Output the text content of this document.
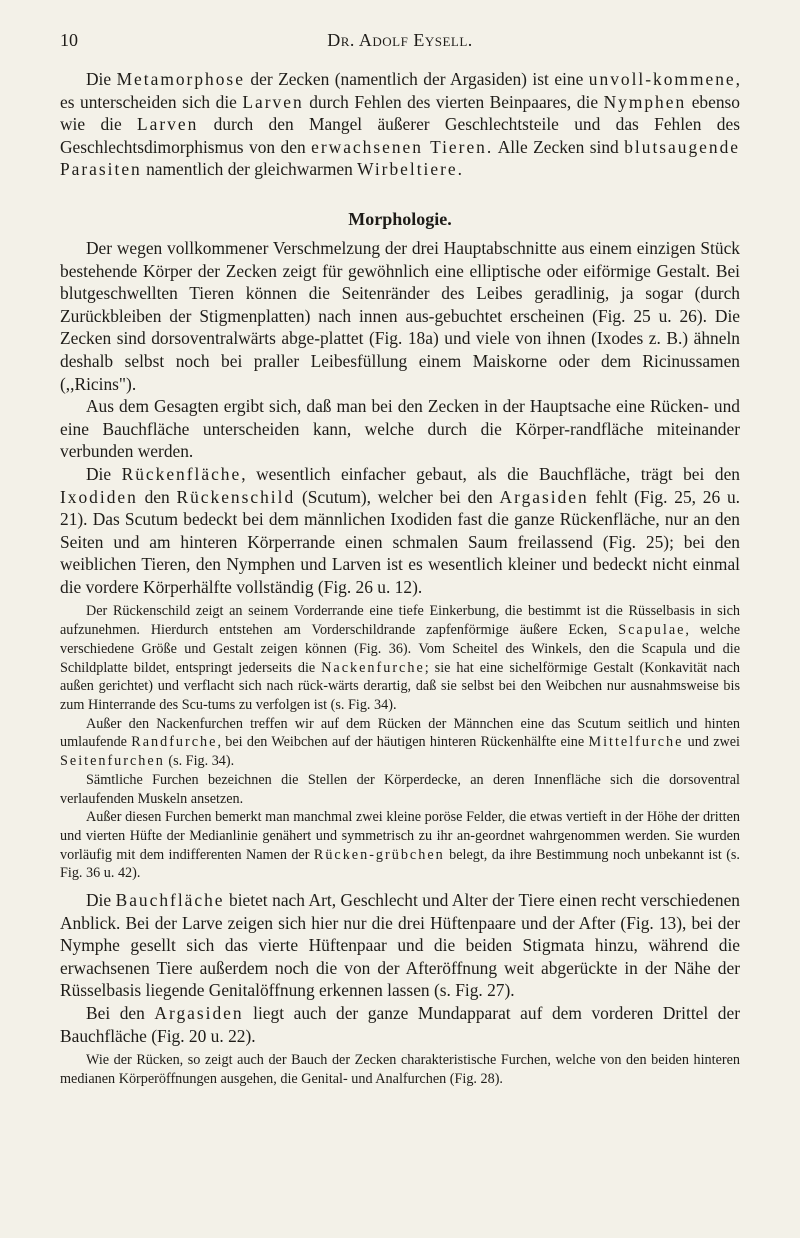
10	Dr. Adolf Eysell.

Die Metamorphose der Zecken (namentlich der Argasiden) ist eine unvoll-kommene, es unterscheiden sich die Larven durch Fehlen des vierten Beinpaares, die Nymphen ebenso wie die Larven durch den Mangel äußerer Geschlechtsteile und das Fehlen des Geschlechtsdimorphismus von den erwachsenen Tieren. Alle Zecken sind blutsaugende Parasiten namentlich der gleichwarmen Wirbeltiere.

Morphologie.

Der wegen vollkommener Verschmelzung der drei Hauptabschnitte aus einem einzigen Stück bestehende Körper der Zecken zeigt für gewöhnlich eine elliptische oder eiförmige Gestalt. Bei blutgeschwellten Tieren können die Seitenränder des Leibes geradlinig, ja sogar (durch Zurückbleiben der Stigmenplatten) nach innen aus-gebuchtet erscheinen (Fig. 25 u. 26). Die Zecken sind dorsoventralwärts abge-plattet (Fig. 18a) und viele von ihnen (Ixodes z. B.) ähneln deshalb selbst noch bei praller Leibesfüllung einem Maiskorne oder dem Ricinussamen (,,Ricins").

Aus dem Gesagten ergibt sich, daß man bei den Zecken in der Hauptsache eine Rücken- und eine Bauchfläche unterscheiden kann, welche durch die Körper-randfläche miteinander verbunden werden.

Die Rückenfläche, wesentlich einfacher gebaut, als die Bauchfläche, trägt bei den Ixodiden den Rückenschild (Scutum), welcher bei den Argasiden fehlt (Fig. 25, 26 u. 21). Das Scutum bedeckt bei dem männlichen Ixodiden fast die ganze Rückenfläche, nur an den Seiten und am hinteren Körperrande einen schmalen Saum freilassend (Fig. 25); bei den weiblichen Tieren, den Nymphen und Larven ist es wesentlich kleiner und bedeckt nicht einmal die vordere Körperhälfte vollständig (Fig. 26 u. 12).

Der Rückenschild zeigt an seinem Vorderrande eine tiefe Einkerbung, die bestimmt ist die Rüsselbasis in sich aufzunehmen. Hierdurch entstehen am Vorderschildrande zapfenförmige äußere Ecken, Scapulae, welche verschiedene Größe und Gestalt zeigen können (Fig. 36). Vom Scheitel des Winkels, den die Scapula und die Schildplatte bildet, entspringt jederseits die Nackenfurche; sie hat eine sichelförmige Gestalt (Konkavität nach außen gerichtet) und verflacht sich nach rück-wärts derartig, daß sie selbst bei den Weibchen nur ausnahmsweise bis zum Hinterrande des Scu-tums zu verfolgen ist (s. Fig. 34).

Außer den Nackenfurchen treffen wir auf dem Rücken der Männchen eine das Scutum seitlich und hinten umlaufende Randfurche, bei den Weibchen auf der häutigen hinteren Rückenhälfte eine Mittelfurche und zwei Seitenfurchen (s. Fig. 34).

Sämtliche Furchen bezeichnen die Stellen der Körperdecke, an deren Innenfläche sich die dorsoventral verlaufenden Muskeln ansetzen.

Außer diesen Furchen bemerkt man manchmal zwei kleine poröse Felder, die etwas vertieft in der Höhe der dritten und vierten Hüfte der Medianlinie genähert und symmetrisch zu ihr an-geordnet wahrgenommen werden. Sie wurden vorläufig mit dem indifferenten Namen der Rücken-grübchen belegt, da ihre Bestimmung noch unbekannt ist (s. Fig. 36 u. 42).

Die Bauchfläche bietet nach Art, Geschlecht und Alter der Tiere einen recht verschiedenen Anblick. Bei der Larve zeigen sich hier nur die drei Hüftenpaare und der After (Fig. 13), bei der Nymphe gesellt sich das vierte Hüftenpaar und die beiden Stigmata hinzu, während die erwachsenen Tiere außerdem noch die von der Afteröffnung weit abgerückte in der Nähe der Rüsselbasis liegende Genitalöffnung erkennen lassen (s. Fig. 27).

Bei den Argasiden liegt auch der ganze Mundapparat auf dem vorderen Drittel der Bauchfläche (Fig. 20 u. 22).

Wie der Rücken, so zeigt auch der Bauch der Zecken charakteristische Furchen, welche von den beiden hinteren medianen Körperöffnungen ausgehen, die Genital- und Analfurchen (Fig. 28).
